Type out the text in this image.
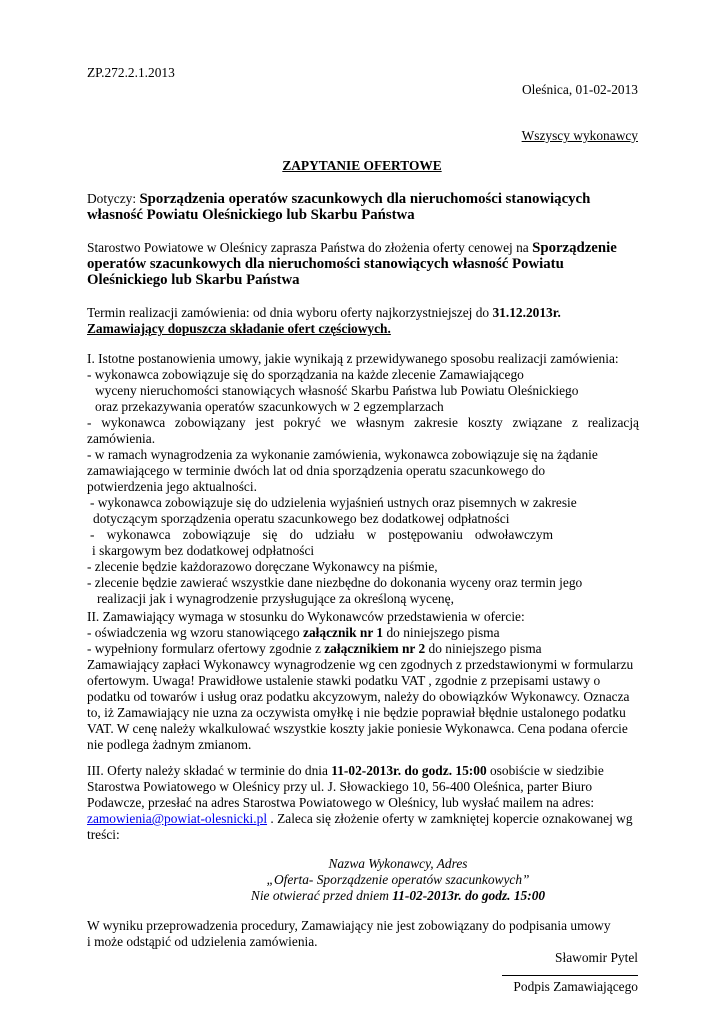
ZP.272.2.1.2013
Oleśnica, 01-02-2013
Wszyscy wykonawcy
ZAPYTANIE OFERTOWE
Dotyczy: Sporządzenia operatów szacunkowych dla nieruchomości stanowiących
własność Powiatu Oleśnickiego lub Skarbu Państwa
Starostwo Powiatowe w Oleśnicy zaprasza Państwa do złożenia oferty cenowej na Sporządzenie
operatów szacunkowych dla nieruchomości stanowiących własność Powiatu
Oleśnickiego lub Skarbu Państwa
Termin realizacji zamówienia: od dnia wyboru oferty najkorzystniejszej do 31.12.2013r.
Zamawiający dopuszcza składanie ofert częściowych.
I. Istotne postanowienia umowy, jakie wynikają z przewidywanego sposobu realizacji zamówienia:
- wykonawca zobowiązuje się do sporządzania na każde zlecenie Zamawiającego
wyceny nieruchomości stanowiących własność Skarbu Państwa lub Powiatu Oleśnickiego
oraz przekazywania operatów szacunkowych w 2 egzemplarzach
- wykonawca zobowiązany jest pokryć we własnym zakresie koszty związane z realizacją
zamówienia.
- w ramach wynagrodzenia za wykonanie zamówienia, wykonawca zobowiązuje się na żądanie
zamawiającego w terminie dwóch lat od dnia sporządzenia operatu szacunkowego do
potwierdzenia jego aktualności.
- wykonawca zobowiązuje się do udzielenia wyjaśnień ustnych oraz pisemnych w zakresie
dotyczącym sporządzenia operatu szacunkowego bez dodatkowej odpłatności
- wykonawca zobowiązuje się do udziału w postępowaniu odwoławczym
i skargowym bez dodatkowej odpłatności
- zlecenie będzie każdorazowo doręczane Wykonawcy na piśmie,
- zlecenie będzie zawierać wszystkie dane niezbędne do dokonania wyceny oraz termin jego
realizacji jak i wynagrodzenie przysługujące za określoną wycenę,
II. Zamawiający wymaga w stosunku do Wykonawców przedstawienia w ofercie:
- oświadczenia wg wzoru stanowiącego załącznik nr 1 do niniejszego pisma
- wypełniony formularz ofertowy zgodnie z załącznikiem nr 2 do niniejszego pisma
Zamawiający zapłaci Wykonawcy wynagrodzenie wg cen zgodnych z przedstawionymi w formularzu
ofertowym. Uwaga! Prawidłowe ustalenie stawki podatku VAT , zgodnie z przepisami ustawy o
podatku od towarów i usług oraz podatku akcyzowym, należy do obowiązków Wykonawcy. Oznacza
to, iż Zamawiający nie uzna za oczywista omyłkę i nie będzie poprawiał błędnie ustalonego podatku
VAT. W cenę należy wkalkulować wszystkie koszty jakie poniesie Wykonawca. Cena podana ofercie
nie podlega żadnym zmianom.
III. Oferty należy składać w terminie do dnia 11-02-2013r. do godz. 15:00 osobiście w siedzibie
Starostwa Powiatowego w Oleśnicy przy ul. J. Słowackiego 10, 56-400 Oleśnica, parter Biuro
Podawcze, przesłać na adres Starostwa Powiatowego w Oleśnicy, lub wysłać mailem na adres:
zamowienia@powiat-olesnicki.pl . Zaleca się złożenie oferty w zamkniętej kopercie oznakowanej wg
treści:
Nazwa Wykonawcy, Adres
„Oferta- Sporządzenie operatów szacunkowych”
Nie otwierać przed dniem 11-02-2013r. do godz. 15:00
W wyniku przeprowadzenia procedury, Zamawiający nie jest zobowiązany do podpisania umowy
i może odstąpić od udzielenia zamówienia.
Sławomir Pytel
Podpis Zamawiającego
